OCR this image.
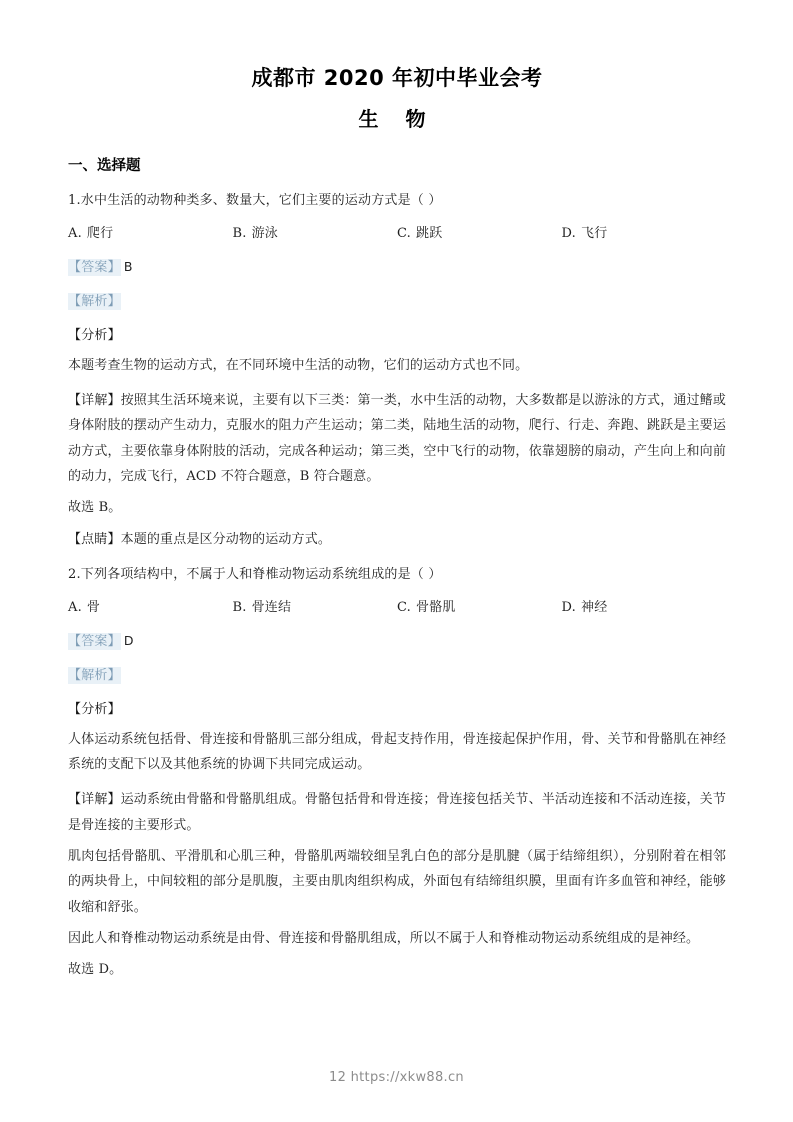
成都市 2020 年初中毕业会考
生 物
一、选择题
1.水中生活的动物种类多、数量大，它们主要的运动方式是（ ）
A. 爬行	B. 游泳	C. 跳跃	D. 飞行
【答案】 B
【解析】
【分析】
本题考查生物的运动方式，在不同环境中生活的动物，它们的运动方式也不同。
【详解】按照其生活环境来说，主要有以下三类：第一类，水中生活的动物，大多数都是以游泳的方式，通过鳍或身体附肢的摆动产生动力，克服水的阻力产生运动；第二类，陆地生活的动物，爬行、行走、奔跑、跳跃是主要运动方式，主要依靠身体附肢的活动，完成各种运动；第三类，空中飞行的动物，依靠翅膀的扇动，产生向上和向前的动力，完成飞行，ACD 不符合题意，B 符合题意。
故选 B。
【点睛】本题的重点是区分动物的运动方式。
2.下列各项结构中，不属于人和脊椎动物运动系统组成的是（ ）
A. 骨	B. 骨连结	C. 骨骼肌	D. 神经
【答案】 D
【解析】
【分析】
人体运动系统包括骨、骨连接和骨骼肌三部分组成，骨起支持作用，骨连接起保护作用，骨、关节和骨骼肌在神经系统的支配下以及其他系统的协调下共同完成运动。
【详解】运动系统由骨骼和骨骼肌组成。骨骼包括骨和骨连接；骨连接包括关节、半活动连接和不活动连接，关节是骨连接的主要形式。
肌肉包括骨骼肌、平滑肌和心肌三种，骨骼肌两端较细呈乳白色的部分是肌腱（属于结缔组织），分别附着在相邻的两块骨上，中间较粗的部分是肌腹，主要由肌肉组织构成，外面包有结缔组织膜，里面有许多血管和神经，能够收缩和舒张。
因此人和脊椎动物运动系统是由骨、骨连接和骨骼肌组成，所以不属于人和脊椎动物运动系统组成的是神经。
故选 D。
12 https://xkw88.cn
